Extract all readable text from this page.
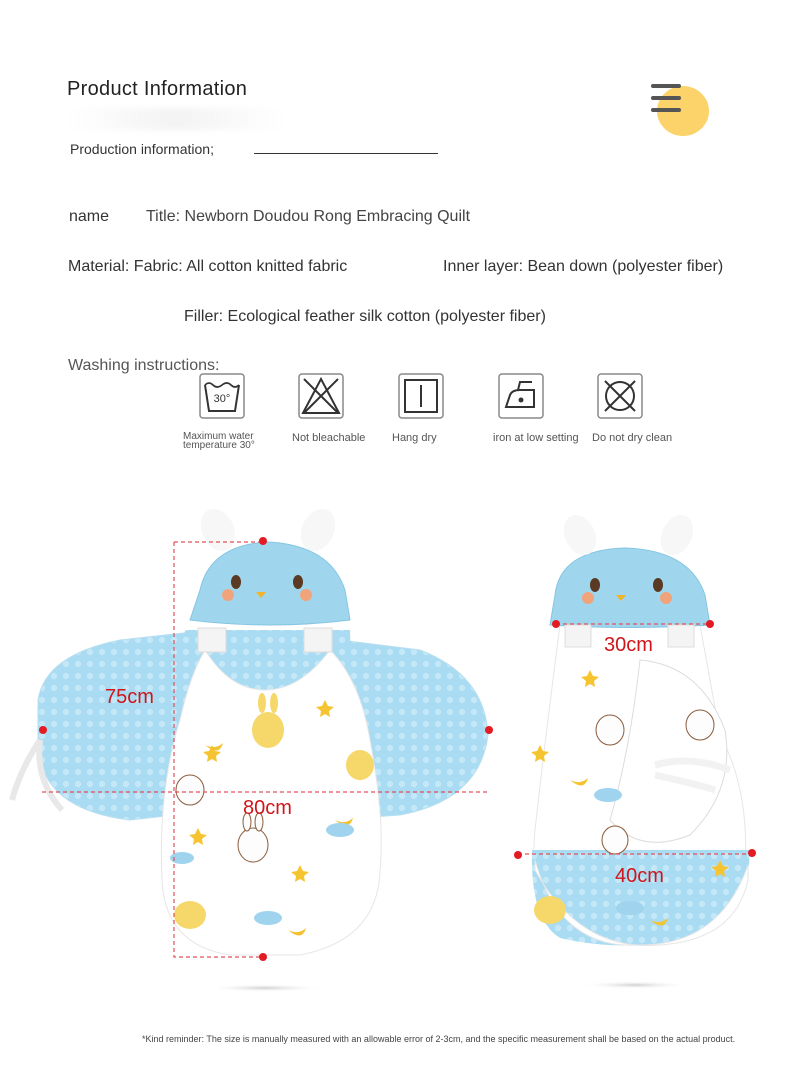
Product Information
Production information;
name Title: Newborn Doudou Rong Embracing Quilt
Material: Fabric: All cotton knitted fabric	Inner layer: Bean down (polyester fiber)
Filler: Ecological feather silk cotton (polyester fiber)
Washing instructions:
30°
Maximum water temperature 30°
Not bleachable Hang dry	iron at low setting Do not dry clean
75cm
80cm
30cm
40cm
*Kind reminder: The size is manually measured with an allowable error of 2-3cm, and the specific measurement shall be based on the actual product.
